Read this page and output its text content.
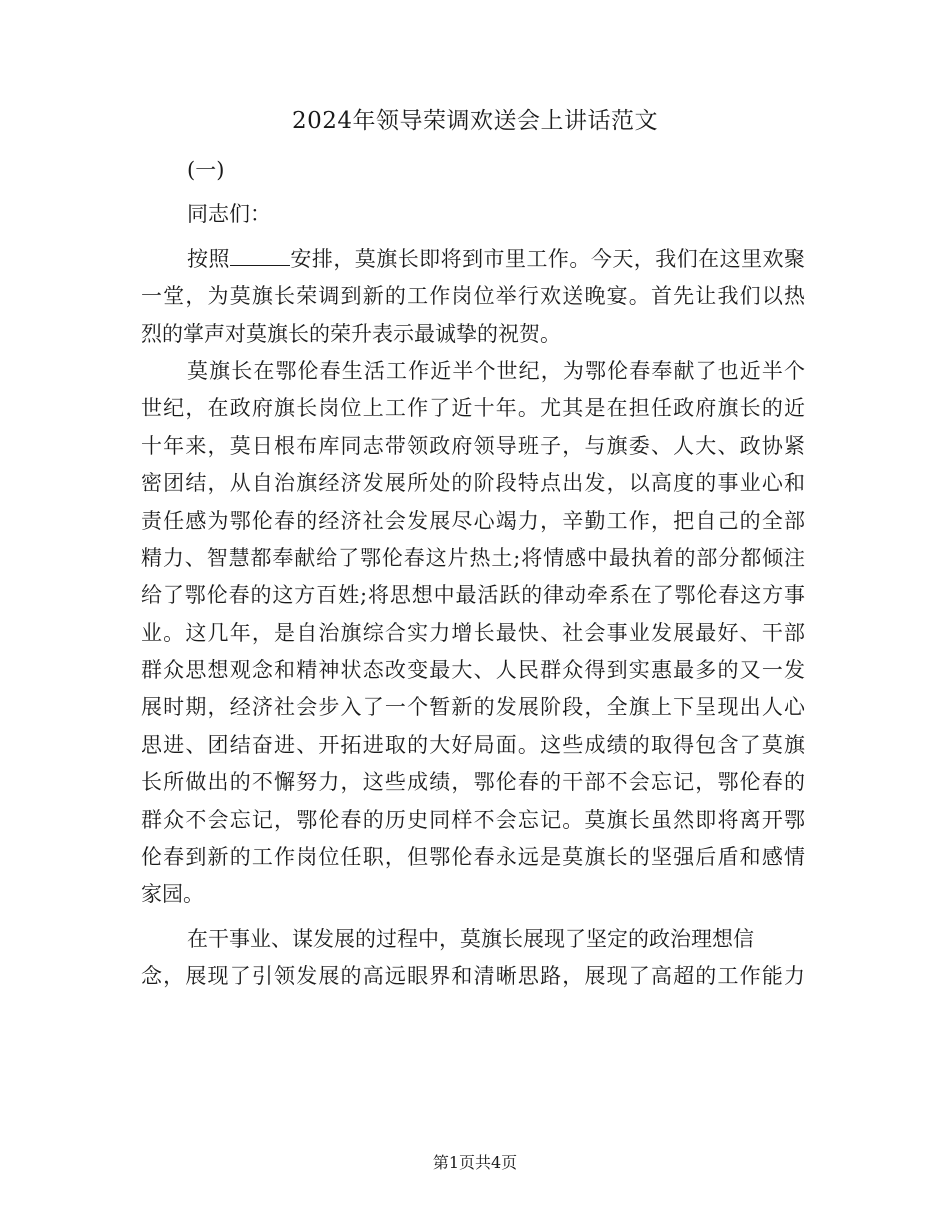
2024年领导荣调欢送会上讲话范文
(一)
同志们：
按照	安排，莫旗长即将到市里工作。今天，我们在这里欢聚
一堂，为莫旗长荣调到新的工作岗位举行欢送晚宴。首先让我们以热
烈的掌声对莫旗长的荣升表示最诚挚的祝贺。
莫旗长在鄂伦春生活工作近半个世纪，为鄂伦春奉献了也近半个
世纪，在政府旗长岗位上工作了近十年。尤其是在担任政府旗长的近
十年来，莫日根布库同志带领政府领导班子，与旗委、人大、政协紧
密团结，从自治旗经济发展所处的阶段特点出发，以高度的事业心和
责任感为鄂伦春的经济社会发展尽心竭力，辛勤工作，把自己的全部
精力、智慧都奉献给了鄂伦春这片热土;将情感中最执着的部分都倾注
给了鄂伦春的这方百姓;将思想中最活跃的律动牵系在了鄂伦春这方事
业。这几年，是自治旗综合实力增长最快、社会事业发展最好、干部
群众思想观念和精神状态改变最大、人民群众得到实惠最多的又一发
展时期，经济社会步入了一个暂新的发展阶段，全旗上下呈现出人心
思进、团结奋进、开拓进取的大好局面。这些成绩的取得包含了莫旗
长所做出的不懈努力，这些成绩，鄂伦春的干部不会忘记，鄂伦春的
群众不会忘记，鄂伦春的历史同样不会忘记。莫旗长虽然即将离开鄂
伦春到新的工作岗位任职，但鄂伦春永远是莫旗长的坚强后盾和感情
家园。
在干事业、谋发展的过程中，莫旗长展现了坚定的政治理想信
念，展现了引领发展的高远眼界和清晰思路，展现了高超的工作能力
第1页共4页
